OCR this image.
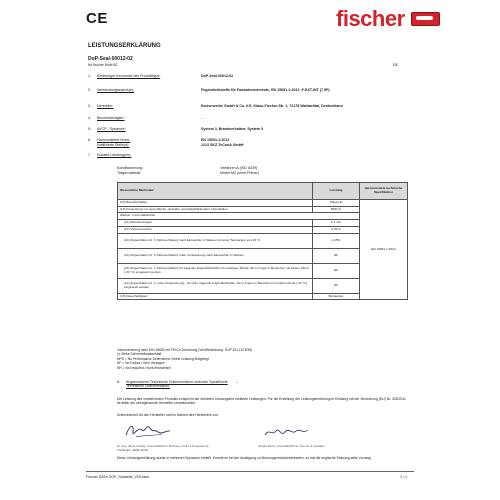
CE	fischer
LEISTUNGSERKLÄRUNG
DoP-Seal-00012-02
für fischer Multi AC	DE
1.	Eindeutiger Kenncode des Produkttyps:	DoP-Seal-00012-02
2.	Verwendungszweck(e):	Fugendichtstoffe für Fassadenelemente, EN 15651-1:2012 -F-EXT-INT (7.5P)
3.	Hersteller:	fischerwerke GmbH & Co. KG, Klaus-Fischer-Str. 1, 72178 Waldachtal, Deutschland
4.	Bevollmächtigter:	--
5.	AVCP - System/e:	System 3, Brandverhalten: System 3
6.	Harmonisierte Norm:	EN 15651-1:2012
Notifizierte Stelle(n):	1213 SKZ-TeConA GmbH
7.	Erklärte Leistung(en):
Konditionierung:	Verfahren A (ISO 8339)
Trägermaterial:	Mörtel M2 (ohne Primer)
Wesentliche Merkmale¹	Leistung	Harmonisierte technische Spezifikation
(13) Brandverhalten	Klasse E	EN 15651-1:2012
(13) Freisetzung von gesundheits- und/oder umweltgefährdenden Chemikalien	NPD (²)	
Wasser- und Luftdichtheit		
(14) Standvermögen	≤ 3 mm	
(14) Volumenverlust	≤ 25 %	
(14) Zugverhalten (d. h. Dehnverhalten) nach Eintauchen in Wasser mit einer Temperatur von 23 °C	≥ 25%	
(14) Zugverhalten (d. h. Dehnverhalten) unter Vorspannung nach Eintauchen in Wasser	NF	
(14) Zugverhalten (d. h. Dehnverhalten) für tragende Fugendichtstoffe mit niedrigem Modul, die in Fugen in Bereichen mit kaltem Klima (-30 °C) eingesetzt werden	NF	
(14) Zugverhalten (d. h. unter Vorspannung) - für nicht tragende Fugendichtstoffe, die in Fugen in Bereichen mit kaltem Klima (-30 °C) eingesetzt werden	NF	
(15) Dauerhaftigkeit	Bestanden	
¹Nummerierung nach DIN 18651 mit FEICA Zuordnung (Veröffentlichung: DOP-EN-J12-R35)
(²) Siehe Sicherheitsdatenblatt
NPD = No Performance Determined / keine Leistung festgelegt
NF = No Failure / Kein Versagen
NR = Not required / nicht erforderlich
8.	Angemessene Technische Dokumentation und/oder Spezifische Technische Dokumentation:
--
Die Leistung des vorstehenden Produkts entspricht der erklärten Leistung/den erklärten Leistungen. Für die Erstellung der Leistungserklärung im Einklang mit der Verordnung (EU) Nr. 305/2011 ist allein der obengenannte Hersteller verantwortlich.
Unterzeichnet für den Hersteller und im Namen des Herstellers von:
Dr.-Ing. Oliver Geibig, Geschäftsführer Business Units & Engineering
Tumlingen, 2023-10-06
Jürgen Eirich, Geschäftsführer Chemie & Qualität
Diese Leistungserklärung wurde in mehreren Sprachen erstellt. Kommt es bei der Auslegung zu Meinungsverschiedenheiten, so hat die englische Fassung stets Vorrang.
Fischer DATA DOP_Sealants_V25.xlsm	1 / 1
